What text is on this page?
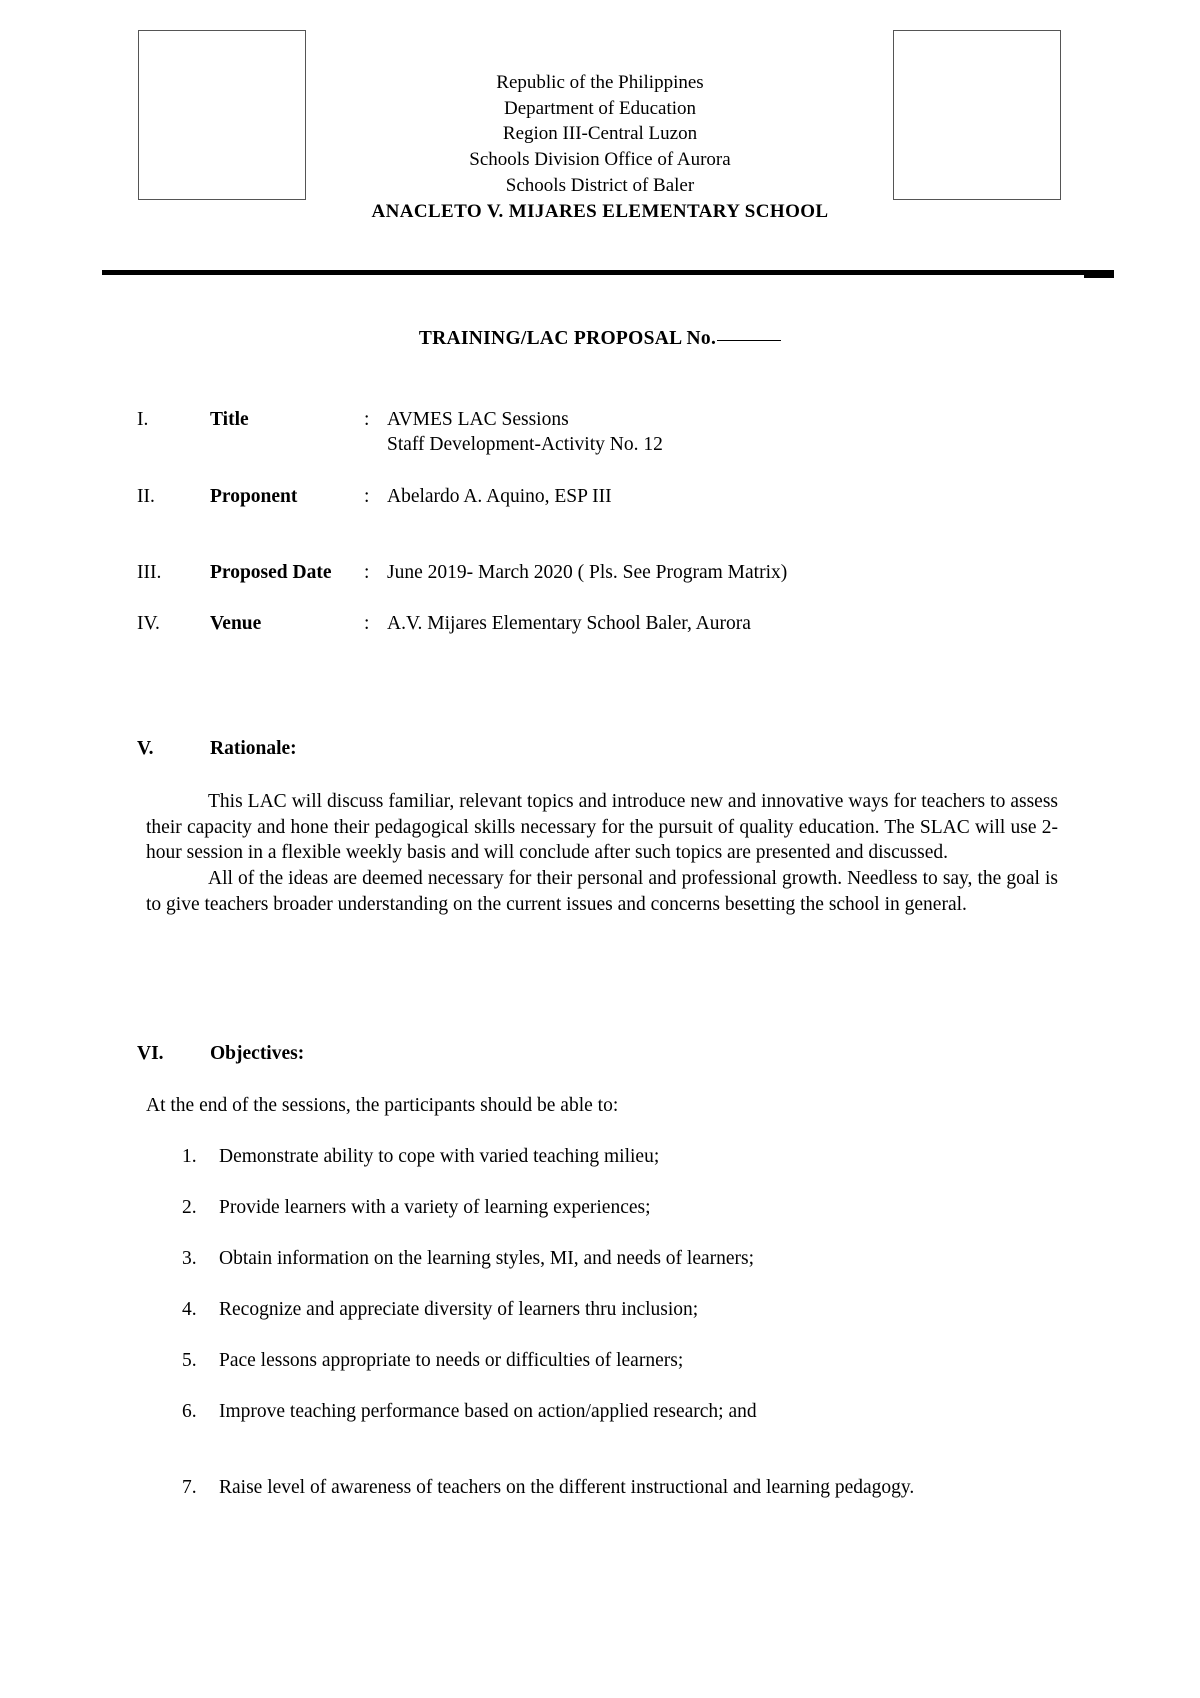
Republic of the Philippines
Department of Education
Region III-Central Luzon
Schools Division Office of Aurora
Schools District of Baler
ANACLETO V. MIJARES ELEMENTARY SCHOOL
TRAINING/LAC PROPOSAL No.
I.	Title	: AVMES LAC Sessions
Staff Development-Activity No. 12
II.	Proponent	: Abelardo A. Aquino, ESP III
III. Proposed Date : June 2019- March 2020 ( Pls. See Program Matrix)
IV.	Venue	: A.V. Mijares Elementary School Baler, Aurora
V.	Rationale:

This LAC will discuss familiar, relevant topics and introduce new and innovative ways for teachers to assess their capacity and hone their pedagogical skills necessary for the pursuit of quality education. The SLAC will use 2-hour session in a flexible weekly basis and will conclude after such topics are presented and discussed.

All of the ideas are deemed necessary for their personal and professional growth. Needless to say, the goal is to give teachers broader understanding on the current issues and concerns besetting the school in general.

VI. Objectives:
At the end of the sessions, the participants should be able to:
1. Demonstrate ability to cope with varied teaching milieu;
2. Provide learners with a variety of learning experiences;
3. Obtain information on the learning styles, MI, and needs of learners;
4. Recognize and appreciate diversity of learners thru inclusion;
5. Pace lessons appropriate to needs or difficulties of learners;
6. Improve teaching performance based on action/applied research; and
7. Raise level of awareness of teachers on the different instructional and learning pedagogy.
